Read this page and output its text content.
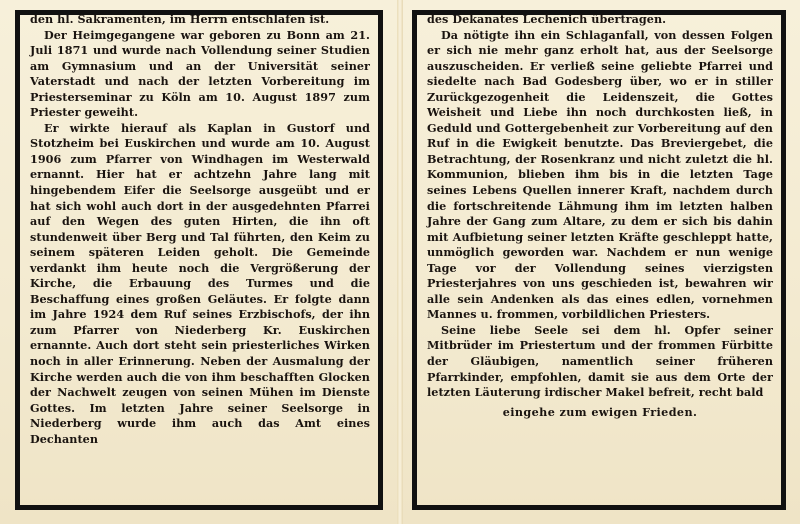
den hl. Sakramenten, im Herrn entschlafen ist.

Der Heimgegangene war geboren zu Bonn am 21. Juli 1871 und wurde nach Vollendung seiner Studien am Gymnasium und an der Universität seiner Vaterstadt und nach der letzten Vorbereitung im Priesterseminar zu Köln am 10. August 1897 zum Priester geweiht.

Er wirkte hierauf als Kaplan in Gustorf und Stotzheim bei Euskirchen und wurde am 10. August 1906 zum Pfarrer von Windhagen im Westerwald ernannt. Hier hat er achtzehn Jahre lang mit hingebendem Eifer die Seelsorge ausgeübt und er hat sich wohl auch dort in der ausgedehnten Pfarrei auf den Wegen des guten Hirten, die ihn oft stundenweit über Berg und Tal führten, den Keim zu seinem späteren Leiden geholt. Die Gemeinde verdankt ihm heute noch die Vergrößerung der Kirche, die Erbauung des Turmes und die Beschaffung eines großen Geläutes. Er folgte dann im Jahre 1924 dem Ruf seines Erzbischofs, der ihn zum Pfarrer von Niederberg Kr. Euskirchen ernannte. Auch dort steht sein priesterliches Wirken noch in aller Erinnerung. Neben der Ausmalung der Kirche werden auch die von ihm beschafften Glocken der Nachwelt zeugen von seinen Mühen im Dienste Gottes. Im letzten Jahre seiner Seelsorge in Niederberg wurde ihm auch das Amt eines Dechanten

des Dekanates Lechenich übertragen.

Da nötigte ihn ein Schlaganfall, von dessen Folgen er sich nie mehr ganz erholt hat, aus der Seelsorge auszuscheiden. Er verließ seine geliebte Pfarrei und siedelte nach Bad Godesberg über, wo er in stiller Zurückgezogenheit die Leidenszeit, die Gottes Weisheit und Liebe ihn noch durchkosten ließ, in Geduld und Gottergebenheit zur Vorbereitung auf den Ruf in die Ewigkeit benutzte. Das Breviergebet, die Betrachtung, der Rosenkranz und nicht zuletzt die hl. Kommunion, blieben ihm bis in die letzten Tage seines Lebens Quellen innerer Kraft, nachdem durch die fortschreitende Lähmung ihm im letzten halben Jahre der Gang zum Altare, zu dem er sich bis dahin mit Aufbietung seiner letzten Kräfte geschleppt hatte, unmöglich geworden war. Nachdem er nun wenige Tage vor der Vollendung seines vierzigsten Priesterjahres von uns geschieden ist, bewahren wir alle sein Andenken als das eines edlen, vornehmen Mannes u. frommen, vorbildlichen Priesters.

Seine liebe Seele sei dem hl. Opfer seiner Mitbrüder im Priestertum und der frommen Fürbitte der Gläubigen, namentlich seiner früheren Pfarrkinder, empfohlen, damit sie aus dem Orte der letzten Läuterung irdischer Makel befreit, recht bald

eingehe zum ewigen Frieden.
